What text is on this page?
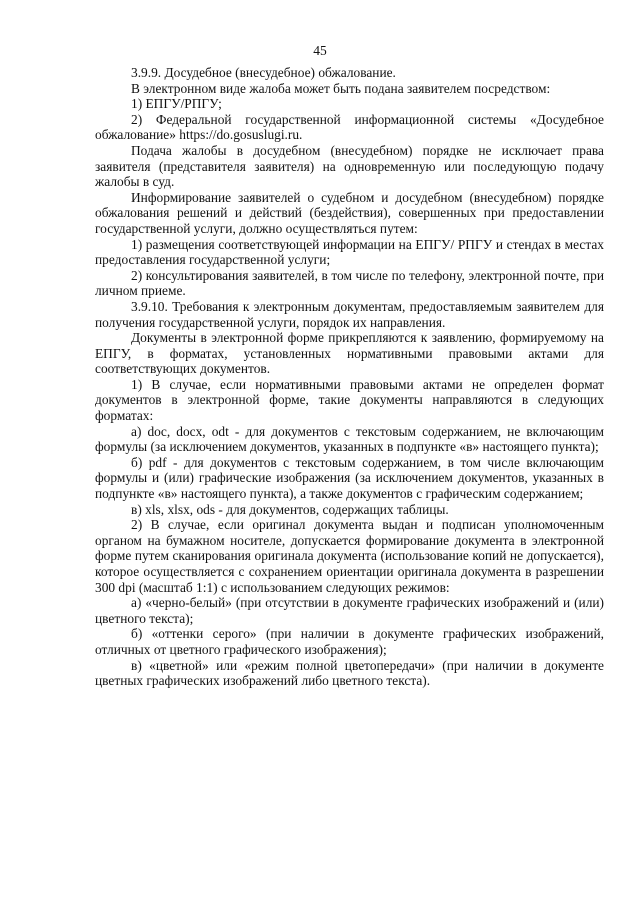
45

3.9.9. Досудебное (внесудебное) обжалование.

В электронном виде жалоба может быть подана заявителем посредством:

1) ЕПГУ/РПГУ;

2) Федеральной государственной информационной системы «Досудебное обжалование» https://do.gosuslugi.ru.

Подача жалобы в досудебном (внесудебном) порядке не исключает права заявителя (представителя заявителя) на одновременную или последующую подачу жалобы в суд.

Информирование заявителей о судебном и досудебном (внесудебном) порядке обжалования решений и действий (бездействия), совершенных при предоставлении государственной услуги, должно осуществляться путем:

1) размещения соответствующей информации на ЕПГУ/ РПГУ и стендах в местах предоставления государственной услуги;

2) консультирования заявителей, в том числе по телефону, электронной почте, при личном приеме.

3.9.10. Требования к электронным документам, предоставляемым заявителем для получения государственной услуги, порядок их направления.

Документы в электронной форме прикрепляются к заявлению, формируемому на ЕПГУ, в форматах, установленных нормативными правовыми актами для соответствующих документов.

1) В случае, если нормативными правовыми актами не определен формат документов в электронной форме, такие документы направляются в следующих форматах:

а) doc, docx, odt - для документов с текстовым содержанием, не включающим формулы (за исключением документов, указанных в подпункте «в» настоящего пункта);

б) pdf - для документов с текстовым содержанием, в том числе включающим формулы и (или) графические изображения (за исключением документов, указанных в подпункте «в» настоящего пункта), а также документов с графическим содержанием;

в) xls, xlsx, ods - для документов, содержащих таблицы.

2) В случае, если оригинал документа выдан и подписан уполномоченным органом на бумажном носителе, допускается формирование документа в электронной форме путем сканирования оригинала документа (использование копий не допускается), которое осуществляется с сохранением ориентации оригинала документа в разрешении 300 dpi (масштаб 1:1) с использованием следующих режимов:

а) «черно-белый» (при отсутствии в документе графических изображений и (или) цветного текста);

б) «оттенки серого» (при наличии в документе графических изображений, отличных от цветного графического изображения);

в) «цветной» или «режим полной цветопередачи» (при наличии в документе цветных графических изображений либо цветного текста).
